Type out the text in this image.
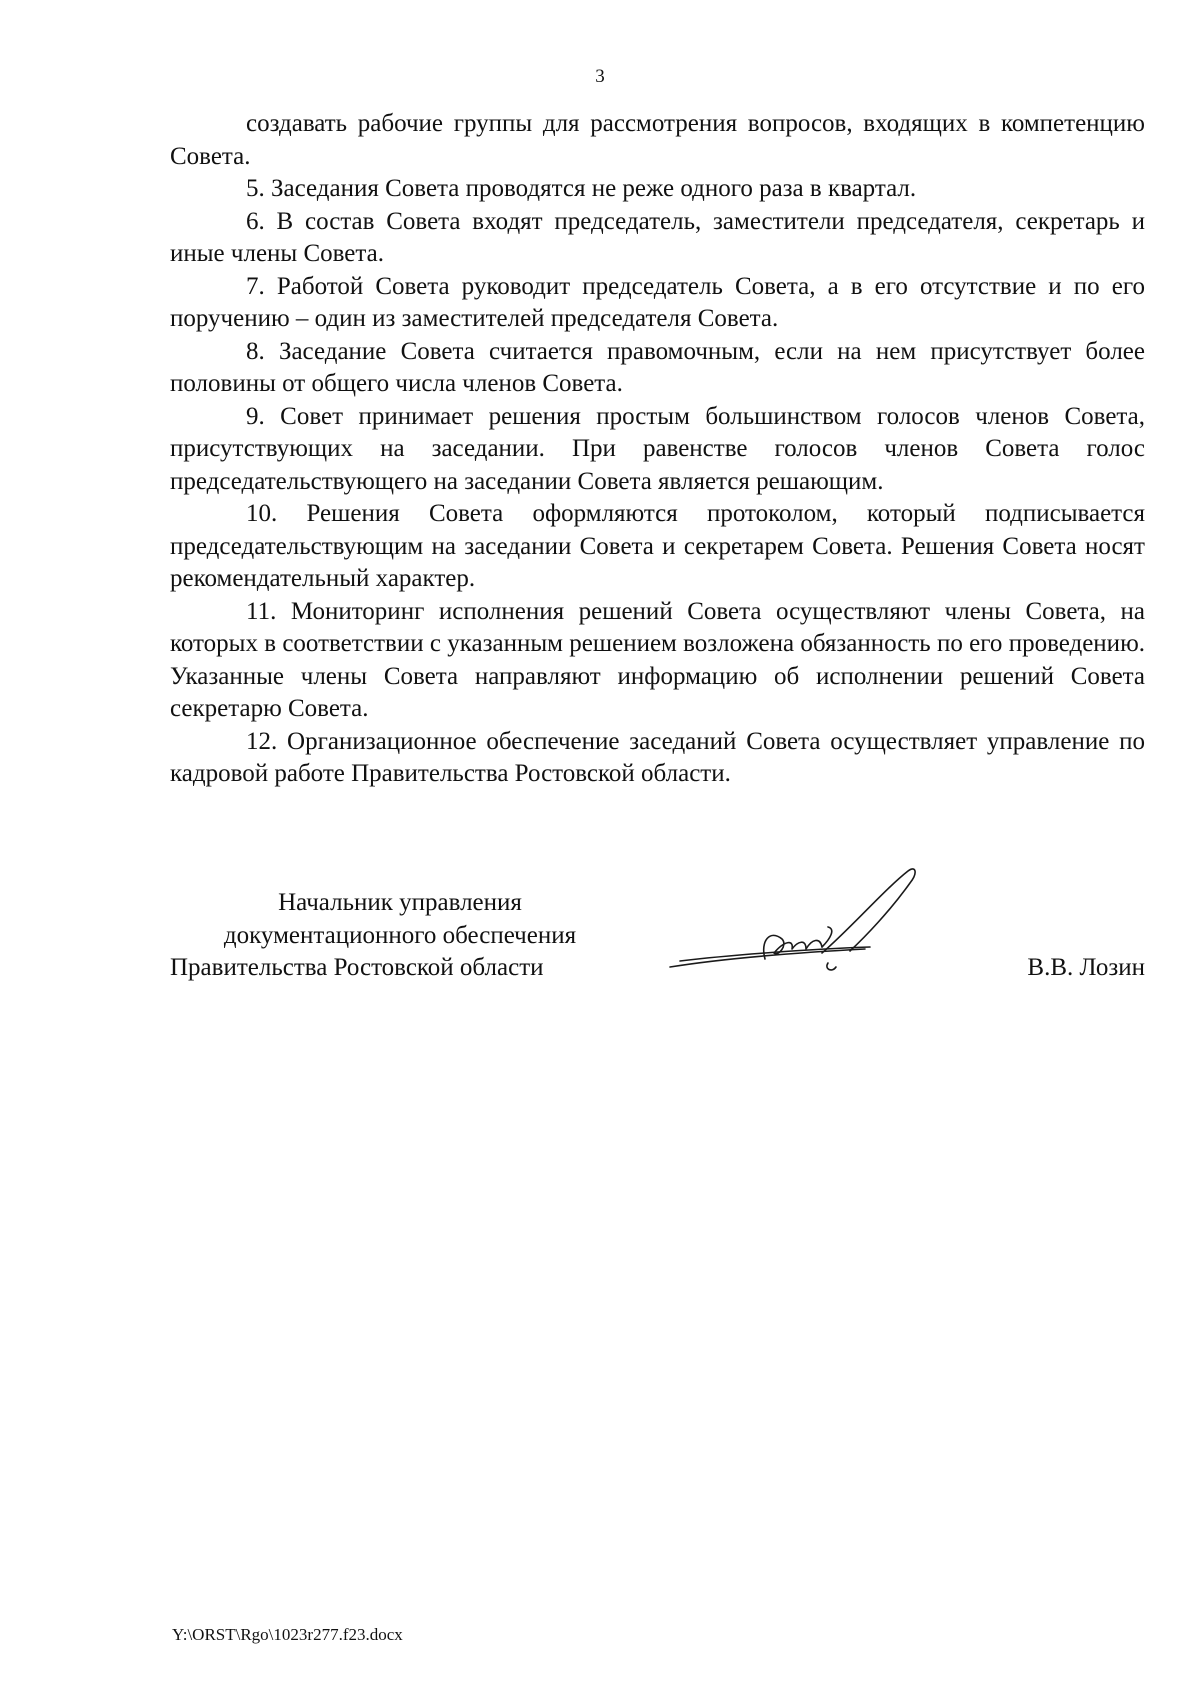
3

создавать рабочие группы для рассмотрения вопросов, входящих в компетенцию Совета.

5. Заседания Совета проводятся не реже одного раза в квартал.

6. В состав Совета входят председатель, заместители председателя, секретарь и иные члены Совета.

7. Работой Совета руководит председатель Совета, а в его отсутствие и по его поручению – один из заместителей председателя Совета.

8. Заседание Совета считается правомочным, если на нем присутствует более половины от общего числа членов Совета.

9. Совет принимает решения простым большинством голосов членов Совета, присутствующих на заседании. При равенстве голосов членов Совета голос председательствующего на заседании Совета является решающим.

10. Решения Совета оформляются протоколом, который подписывается председательствующим на заседании Совета и секретарем Совета. Решения Совета носят рекомендательный характер.

11. Мониторинг исполнения решений Совета осуществляют члены Совета, на которых в соответствии с указанным решением возложена обязанность по его проведению. Указанные члены Совета направляют информацию об исполнении решений Совета секретарю Совета.

12. Организационное обеспечение заседаний Совета осуществляет управление по кадровой работе Правительства Ростовской области.

Начальник управления
документационного обеспечения
Правительства Ростовской области	В.В. Лозин
Y:\ORST\Rgo\1023r277.f23.docx
